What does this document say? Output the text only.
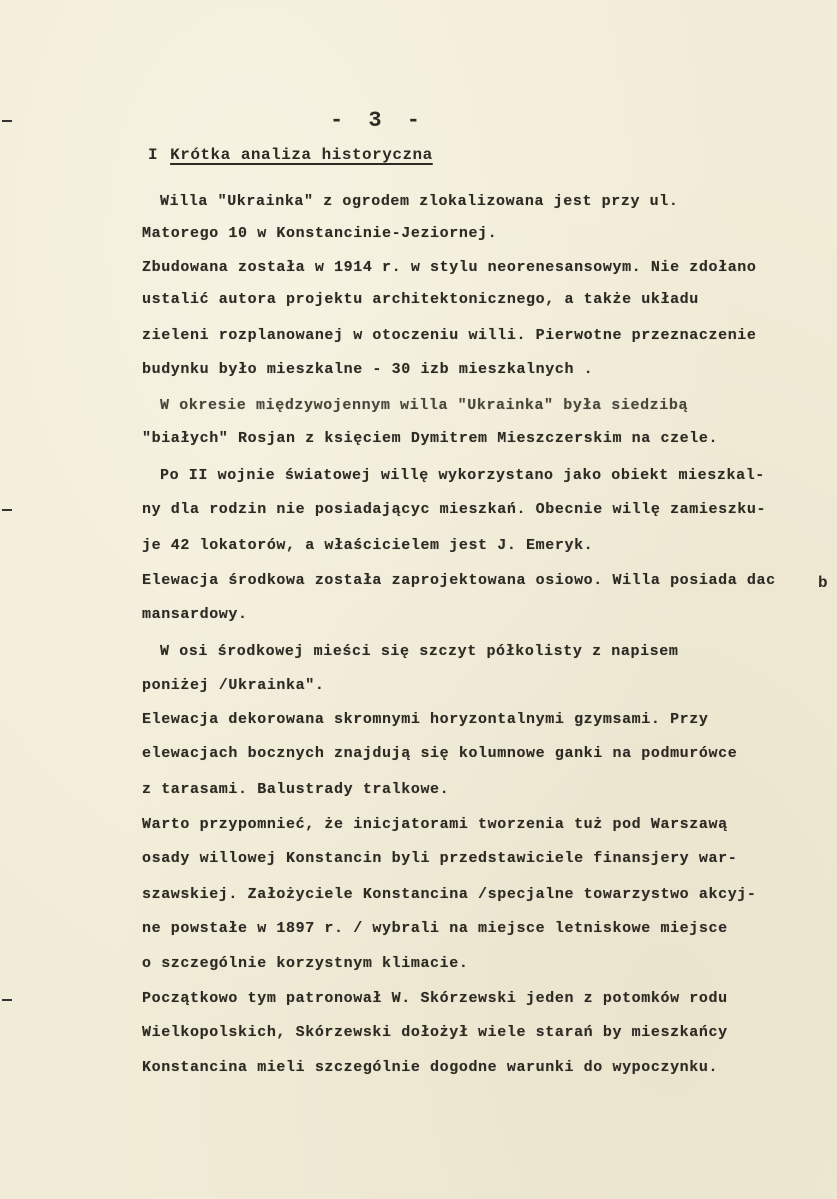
- 3 -
I Krótka analiza historyczna
Willa "Ukrainka" z ogrodem zlokalizowana jest przy ul.
Matorego 10 w Konstancinie-Jeziornej.
Zbudowana została w 1914 r. w stylu neorenesansowym. Nie zdołano
ustalić autora projektu architektonicznego, a także układu
zieleni rozplanowanej w otoczeniu willi. Pierwotne przeznaczenie
budynku było mieszkalne - 30 izb mieszkalnych .
W okresie międzywojennym willa "Ukrainka" była siedzibą
"białych" Rosjan z księciem Dymitrem Mieszczerskim na czele.
Po II wojnie światowej willę wykorzystano jako obiekt mieszkal-
ny dla rodzin nie posiadającyc mieszkań. Obecnie willę zamieszku-
je 42 lokatorów, a właścicielem jest J. Emeryk.
Elewacja środkowa została zaprojektowana osiowo. Willa posiada dac
mansardowy.
W osi środkowej mieści się szczyt półkolisty z napisem
poniżej /Ukrainka".
Elewacja dekorowana skromnymi horyzontalnymi gzymsami. Przy
elewacjach bocznych znajdują się kolumnowe ganki na podmurówce
z tarasami. Balustrady tralkowe.
Warto przypomnieć, że inicjatorami tworzenia tuż pod Warszawą
osady willowej Konstancin byli przedstawiciele finansjery war-
szawskiej. Założyciele Konstancina /specjalne towarzystwo akcyj-
ne powstałe w 1897 r. / wybrali na miejsce letniskowe miejsce
o szczególnie korzystnym klimacie.
Początkowo tym patronował W. Skórzewski jeden z potomków rodu
Wielkopolskich, Skórzewski dołożył wiele starań by mieszkańcy
Konstancina mieli szczególnie dogodne warunki do wypoczynku.
b
